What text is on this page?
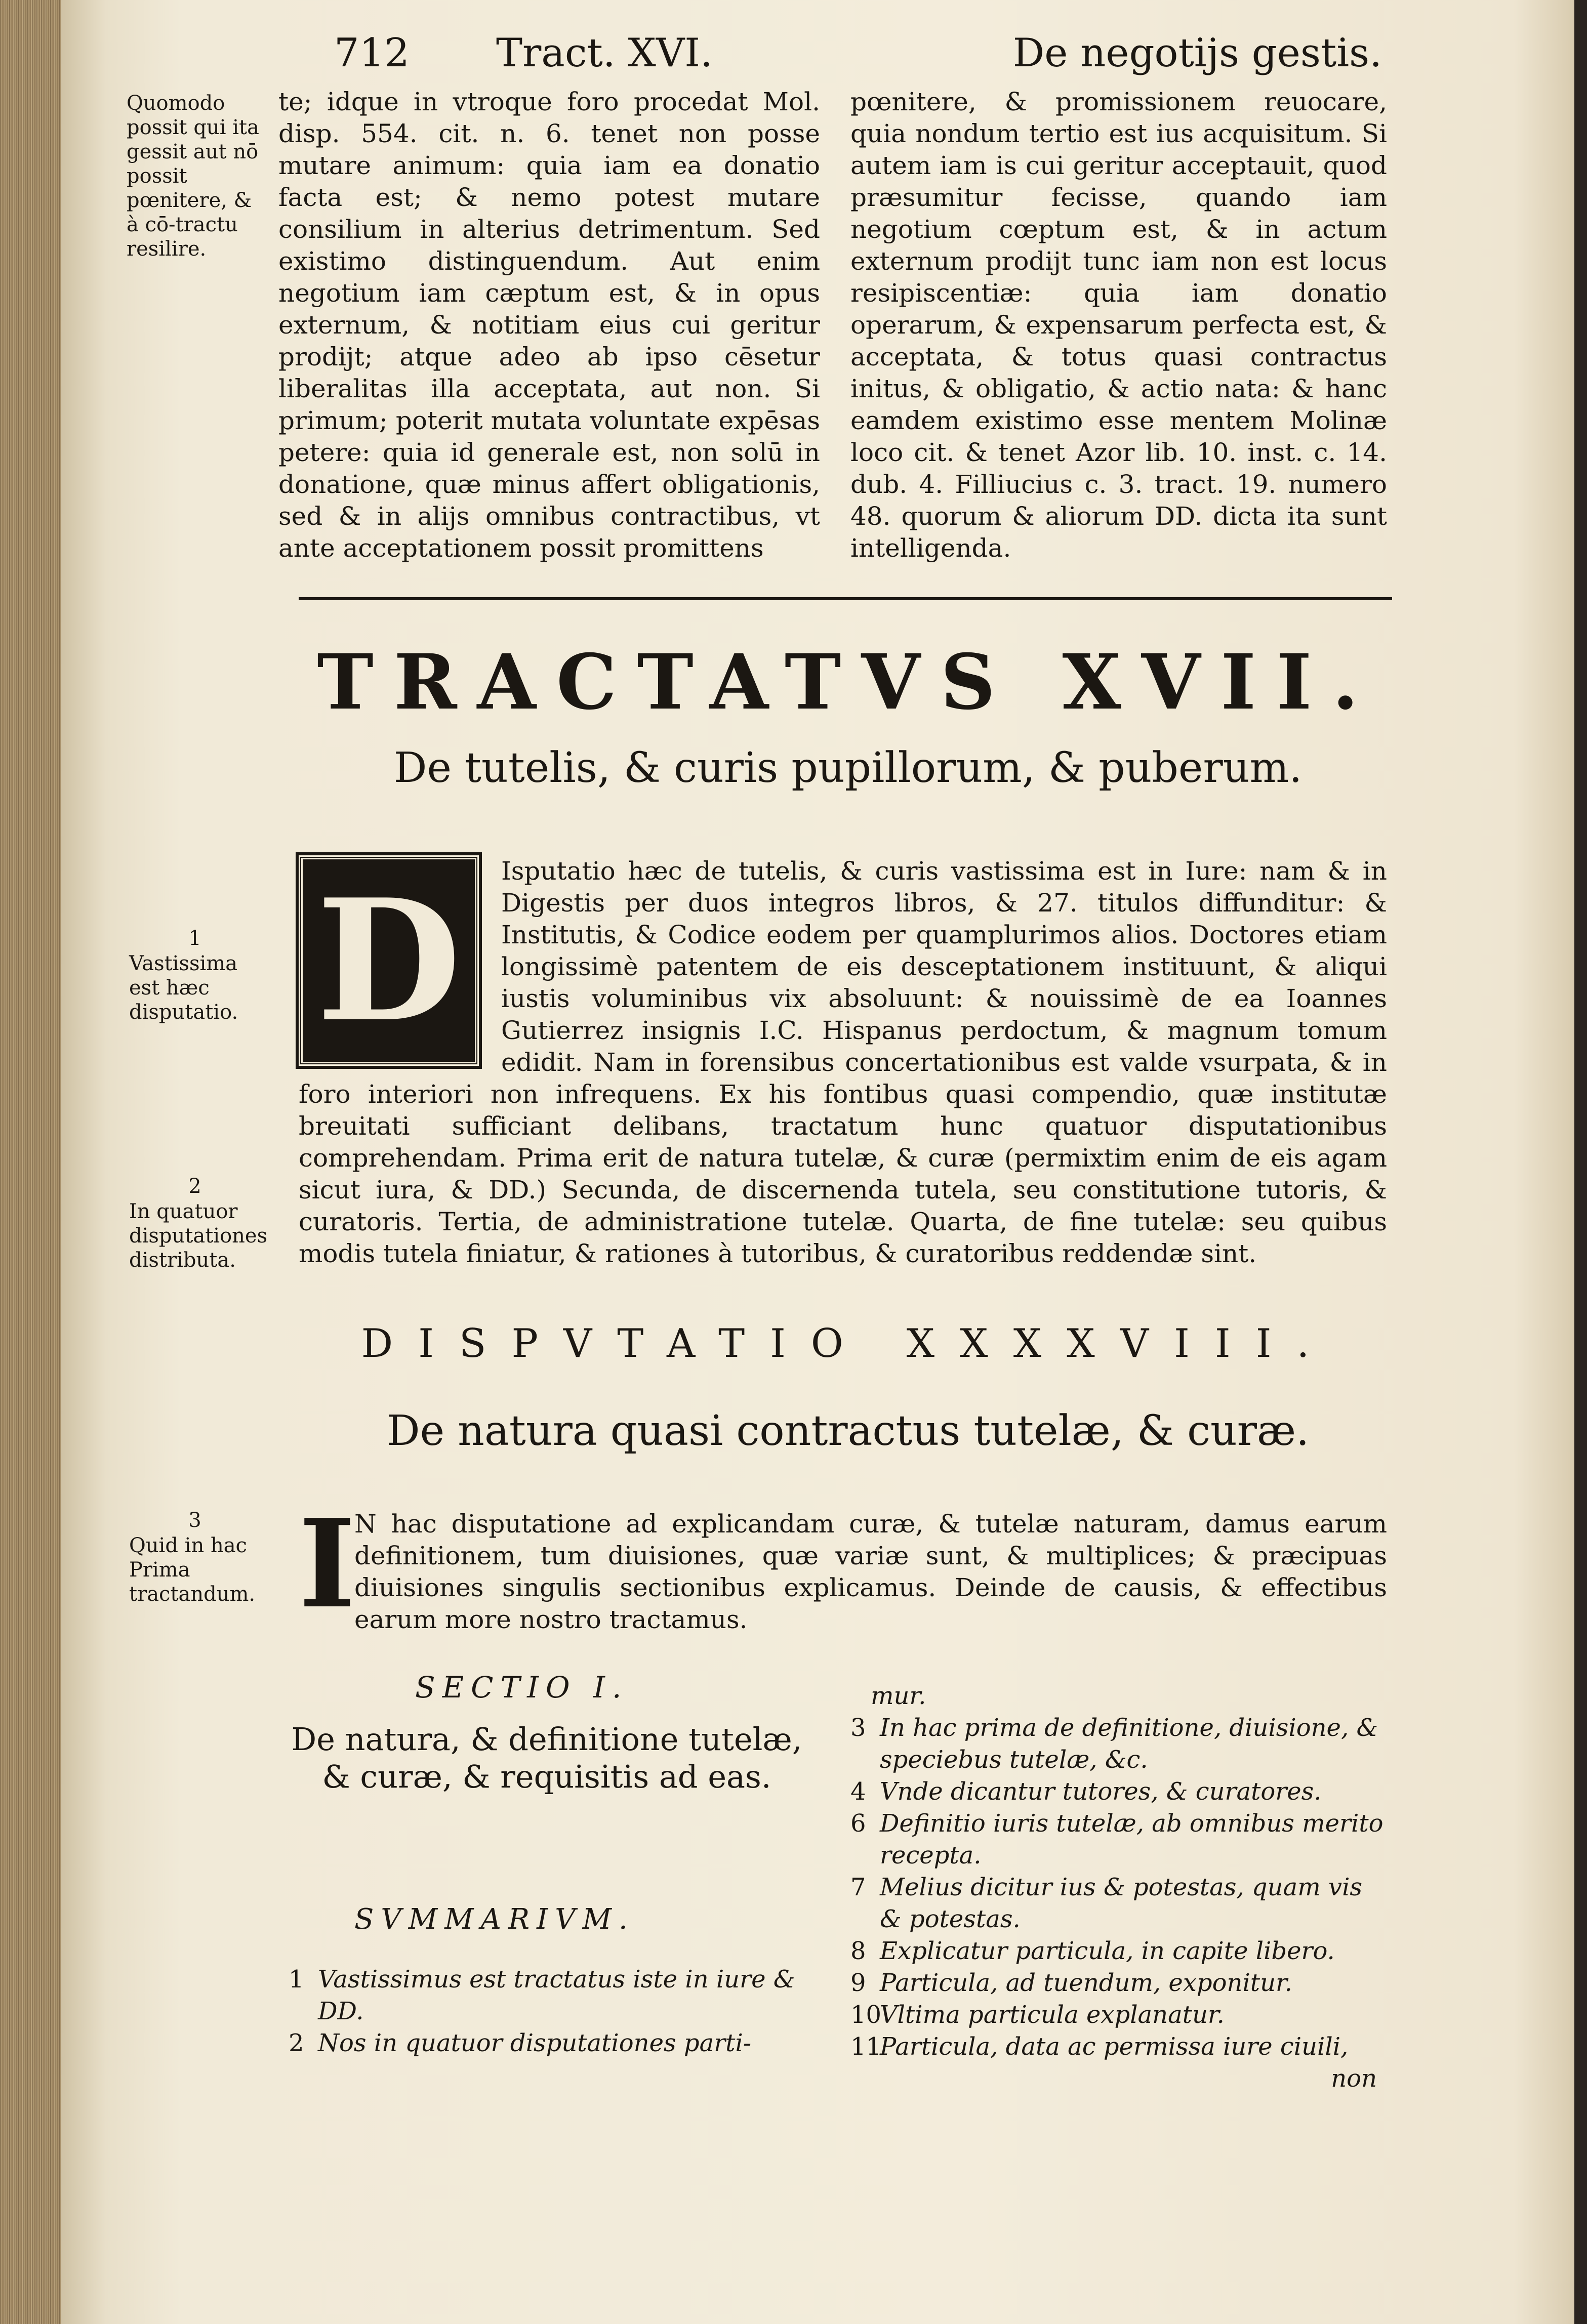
712 Tract. XVI.	De negotijs gestis.
Quomodo possit qui ita gessit aut nō possit pœnitere, & à cō-tractu resilire.

te; idque in vtroque foro procedat Mol. disp. 554. cit. n. 6. tenet non posse mutare animum: quia iam ea donatio facta est; & nemo potest mutare consilium in alterius detrimentum. Sed existimo distinguendum. Aut enim negotium iam cæptum est, & in opus externum, & notitiam eius cui geritur prodijt; atque adeo ab ipso cēsetur liberalitas illa acceptata, aut non. Si primum; poterit mutata voluntate expēsas petere: quia id generale est, non solū in donatione, quæ minus affert obligationis, sed & in alijs omnibus contractibus, vt ante acceptationem possit promittens

pœnitere, & promissionem reuocare, quia nondum tertio est ius acquisitum. Si autem iam is cui geritur acceptauit, quod præsumitur fecisse, quando iam negotium cœptum est, & in actum externum prodijt tunc iam non est locus resipiscentiæ: quia iam donatio operarum, & expensarum perfecta est, & acceptata, & totus quasi contractus initus, & obligatio, & actio nata: & hanc eamdem existimo esse mentem Molinæ loco cit. & tenet Azor lib. 10. inst. c. 14. dub. 4. Filliucius c. 3. tract. 19. numero 48. quorum & aliorum DD. dicta ita sunt intelligenda.

TRACTATVS XVII.
De tutelis, & curis pupillorum, & puberum.
D
1
Vastissima est hæc disputatio.
Isputatio hæc de tutelis, & curis vastissima est in Iure: nam & in Digestis per duos integros libros, & 27. titulos diffunditur: & Institutis, & Codice eodem per quamplurimos alios. Doctores etiam longissimè patentem de eis desceptationem instituunt, & aliqui iustis voluminibus vix absoluunt: & nouissimè de ea Ioannes Gutierrez insignis I.C. Hispanus perdoctum, & magnum tomum edidit. Nam in forensibus concertationibus est valde vsurpata, & in foro interiori non infrequens. Ex his fontibus quasi compendio, quæ institutæ breuitati sufficiant delibans, tractatum hunc quatuor disputationibus comprehendam. Prima erit de natura tutelæ, & curæ (permixtim enim de eis agam sicut iura, & DD.) Secunda, de discernenda tutela, seu constitutione tutoris, & curatoris. Tertia, de administratione tutelæ. Quarta, de fine tutelæ: seu quibus modis tutela finiatur, & rationes à tutoribus, & curatoribus reddendæ sint.
2
In quatuor disputationes distributa.
DISPVTATIO XXXXVIII.
De natura quasi contractus tutelæ, & curæ.
3
Quid in hac Prima tractandum. I
N hac disputatione ad explicandam curæ, & tutelæ naturam, damus earum definitionem, tum diuisiones, quæ variæ sunt, & multiplices; & præcipuas diuisiones singulis sectionibus explicamus. Deinde de causis, & effectibus earum more nostro tractamus.
SECTIO I.
De natura, & definitione tutelæ, & curæ, & requisitis ad eas.
SVMMARIVM.
1 Vastissimus est tractatus iste in iure & DD.
2 Nos in quatuor disputationes parti-
mur.
3 In hac prima de definitione, diuisione, & speciebus tutelæ, &c.
4 Vnde dicantur tutores, & curatores.
6 Definitio iuris tutelæ, ab omnibus merito recepta.
7 Melius dicitur ius & potestas, quam vis & potestas.
8 Explicatur particula, in capite libero.
9 Particula, ad tuendum, exponitur.
10
Vltima particula explanatur.
11
Particula, data ac permissa iure ciuili,
non
